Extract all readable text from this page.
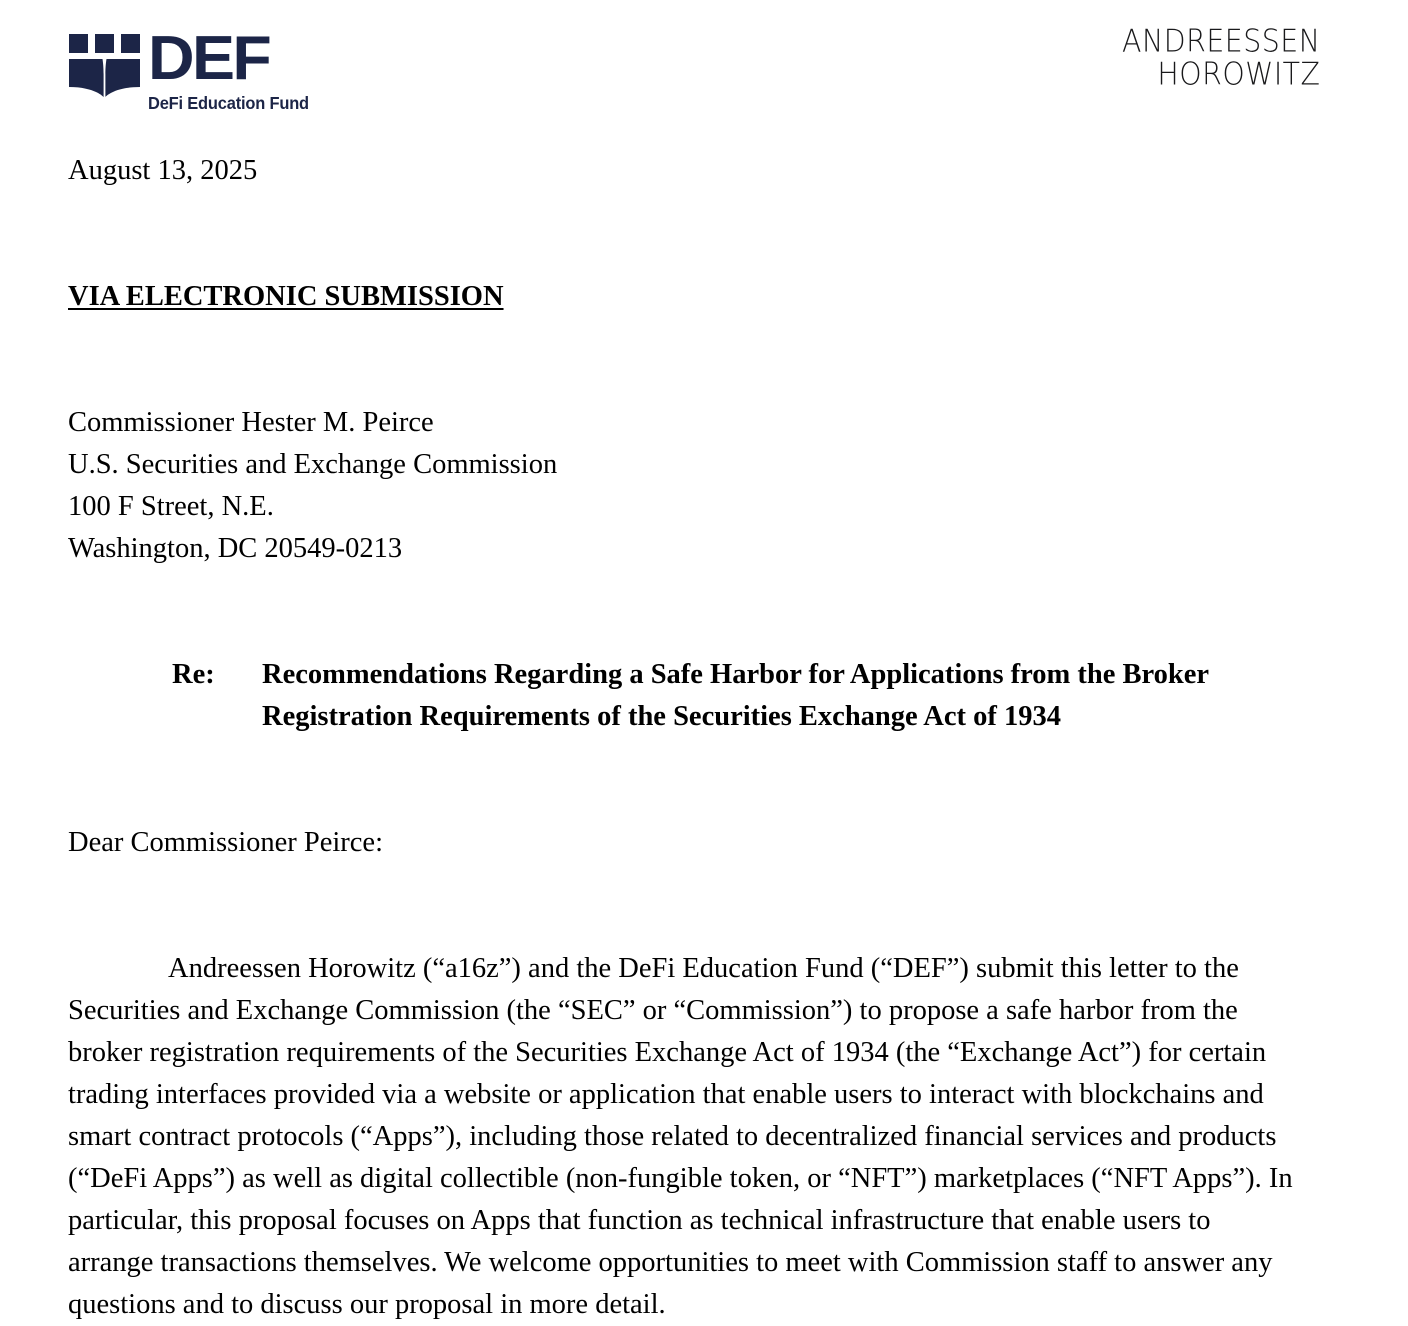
DEF
DeFi Education Fund
ANDREESSEN
HOROWITZ

August 13, 2025

VIA ELECTRONIC SUBMISSION

Commissioner Hester M. Peirce

U.S. Securities and Exchange Commission

100 F Street, N.E.

Washington, DC 20549-0213

Re:	Recommendations Regarding a Safe Harbor for Applications from the Broker Registration Requirements of the Securities Exchange Act of 1934

Dear Commissioner Peirce:

Andreessen Horowitz (“a16z”) and the DeFi Education Fund (“DEF”) submit this letter to the Securities and Exchange Commission (the “SEC” or “Commission”) to propose a safe harbor from the broker registration requirements of the Securities Exchange Act of 1934 (the “Exchange Act”) for certain trading interfaces provided via a website or application that enable users to interact with blockchains and smart contract protocols (“Apps”), including those related to decentralized financial services and products (“DeFi Apps”) as well as digital collectible (non-fungible token, or “NFT”) marketplaces (“NFT Apps”). In particular, this proposal focuses on Apps that function as technical infrastructure that enable users to arrange transactions themselves. We welcome opportunities to meet with Commission staff to answer any questions and to discuss our proposal in more detail.
